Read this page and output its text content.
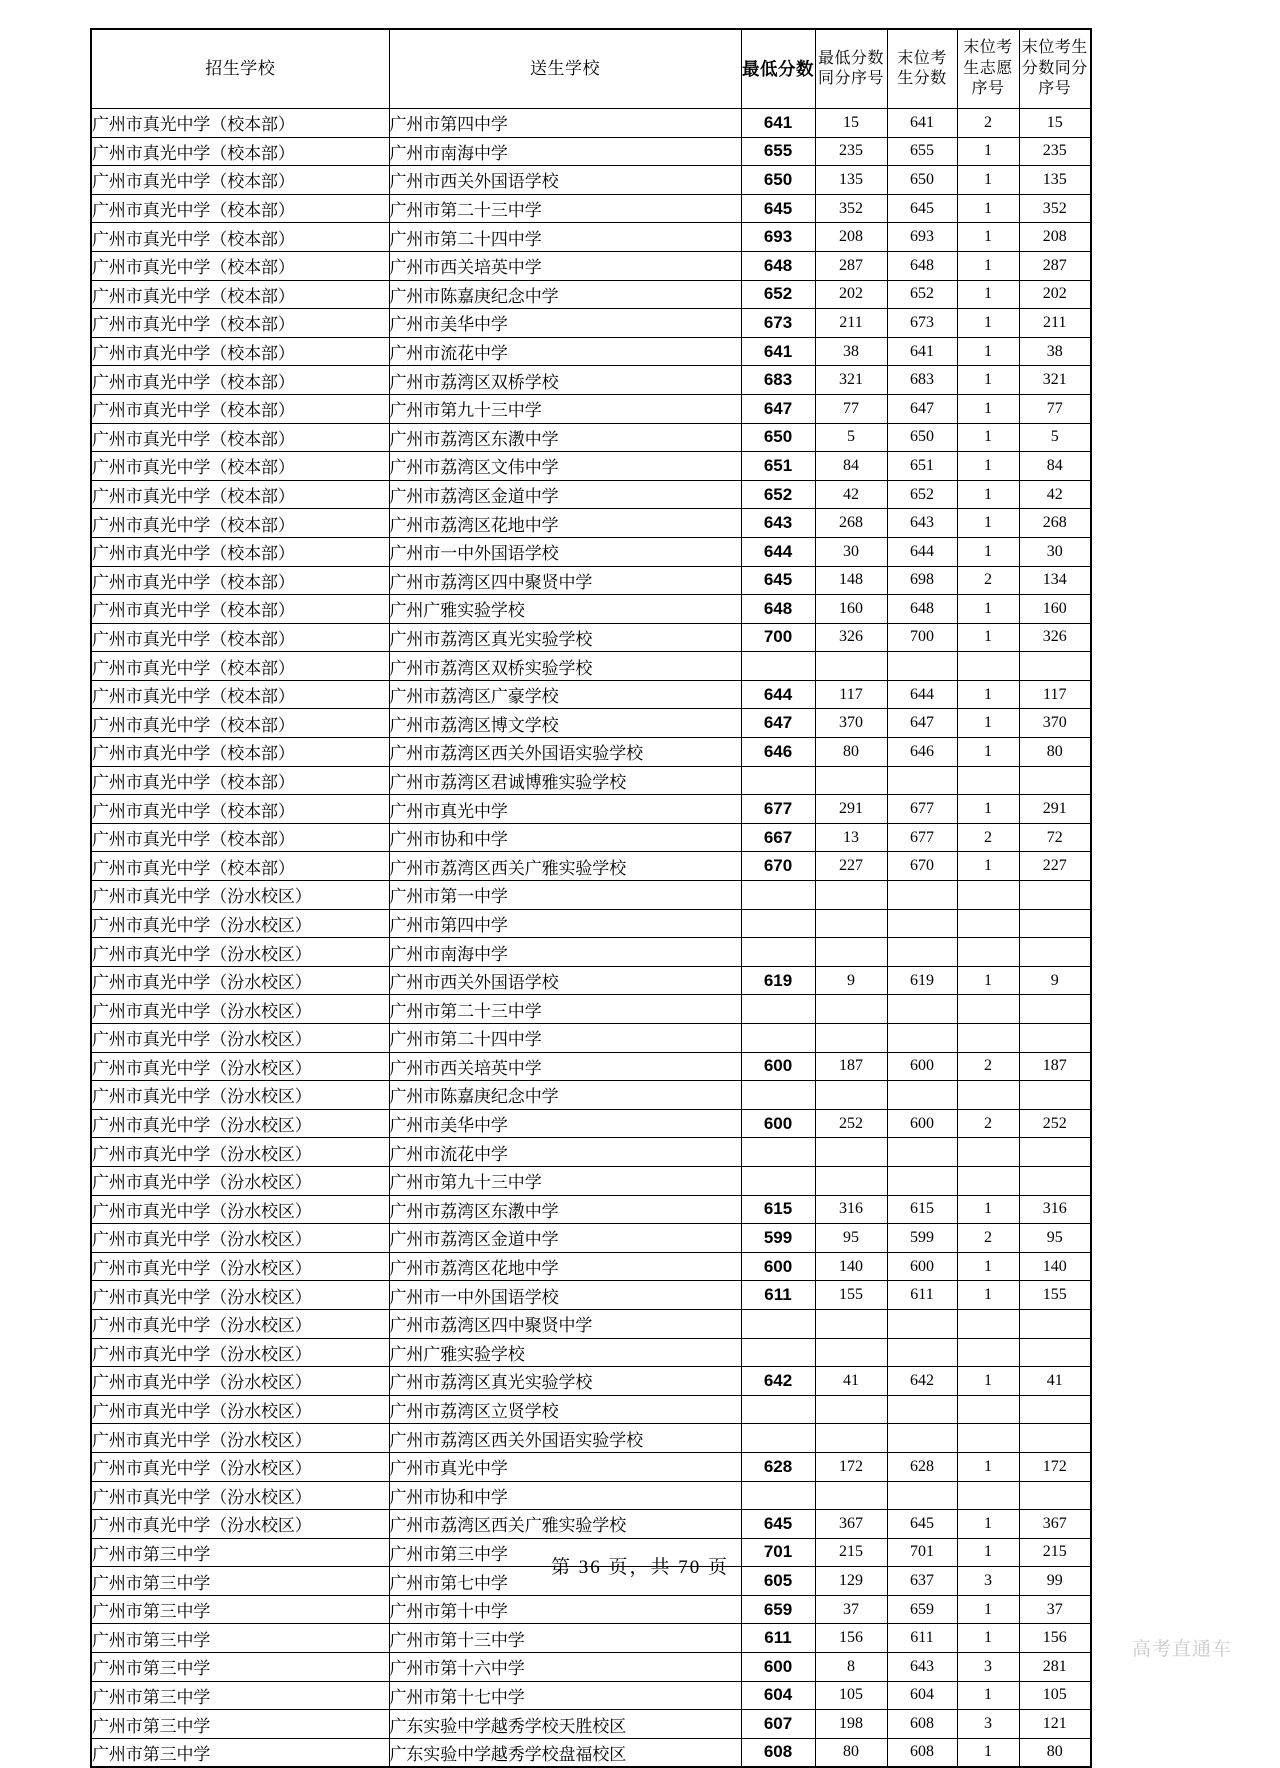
招生学校	送生学校	最低分数	最低分数同分序号	末位考生分数	末位考生志愿序号	末位考生分数同分序号
广州市真光中学（校本部）	广州市第四中学	641	15	641	2	15
广州市真光中学（校本部）	广州市南海中学	655	235	655	1	235
广州市真光中学（校本部）	广州市西关外国语学校	650	135	650	1	135
广州市真光中学（校本部）	广州市第二十三中学	645	352	645	1	352
广州市真光中学（校本部）	广州市第二十四中学	693	208	693	1	208
广州市真光中学（校本部）	广州市西关培英中学	648	287	648	1	287
广州市真光中学（校本部）	广州市陈嘉庚纪念中学	652	202	652	1	202
广州市真光中学（校本部）	广州市美华中学	673	211	673	1	211
广州市真光中学（校本部）	广州市流花中学	641	38	641	1	38
广州市真光中学（校本部）	广州市荔湾区双桥学校	683	321	683	1	321
广州市真光中学（校本部）	广州市第九十三中学	647	77	647	1	77
广州市真光中学（校本部）	广州市荔湾区东漖中学	650	5	650	1	5
广州市真光中学（校本部）	广州市荔湾区文伟中学	651	84	651	1	84
广州市真光中学（校本部）	广州市荔湾区金道中学	652	42	652	1	42
广州市真光中学（校本部）	广州市荔湾区花地中学	643	268	643	1	268
广州市真光中学（校本部）	广州市一中外国语学校	644	30	644	1	30
广州市真光中学（校本部）	广州市荔湾区四中聚贤中学	645	148	698	2	134
广州市真光中学（校本部）	广州广雅实验学校	648	160	648	1	160
广州市真光中学（校本部）	广州市荔湾区真光实验学校	700	326	700	1	326
广州市真光中学（校本部）	广州市荔湾区双桥实验学校					
广州市真光中学（校本部）	广州市荔湾区广豪学校	644	117	644	1	117
广州市真光中学（校本部）	广州市荔湾区博文学校	647	370	647	1	370
广州市真光中学（校本部）	广州市荔湾区西关外国语实验学校	646	80	646	1	80
广州市真光中学（校本部）	广州市荔湾区君诚博雅实验学校					
广州市真光中学（校本部）	广州市真光中学	677	291	677	1	291
广州市真光中学（校本部）	广州市协和中学	667	13	677	2	72
广州市真光中学（校本部）	广州市荔湾区西关广雅实验学校	670	227	670	1	227
广州市真光中学（汾水校区）	广州市第一中学					
广州市真光中学（汾水校区）	广州市第四中学					
广州市真光中学（汾水校区）	广州市南海中学					
广州市真光中学（汾水校区）	广州市西关外国语学校	619	9	619	1	9
广州市真光中学（汾水校区）	广州市第二十三中学					
广州市真光中学（汾水校区）	广州市第二十四中学					
广州市真光中学（汾水校区）	广州市西关培英中学	600	187	600	2	187
广州市真光中学（汾水校区）	广州市陈嘉庚纪念中学					
广州市真光中学（汾水校区）	广州市美华中学	600	252	600	2	252
广州市真光中学（汾水校区）	广州市流花中学					
广州市真光中学（汾水校区）	广州市第九十三中学					
广州市真光中学（汾水校区）	广州市荔湾区东漖中学	615	316	615	1	316
广州市真光中学（汾水校区）	广州市荔湾区金道中学	599	95	599	2	95
广州市真光中学（汾水校区）	广州市荔湾区花地中学	600	140	600	1	140
广州市真光中学（汾水校区）	广州市一中外国语学校	611	155	611	1	155
广州市真光中学（汾水校区）	广州市荔湾区四中聚贤中学					
广州市真光中学（汾水校区）	广州广雅实验学校					
广州市真光中学（汾水校区）	广州市荔湾区真光实验学校	642	41	642	1	41
广州市真光中学（汾水校区）	广州市荔湾区立贤学校					
广州市真光中学（汾水校区）	广州市荔湾区西关外国语实验学校					
广州市真光中学（汾水校区）	广州市真光中学	628	172	628	1	172
广州市真光中学（汾水校区）	广州市协和中学					
广州市真光中学（汾水校区）	广州市荔湾区西关广雅实验学校	645	367	645	1	367
广州市第三中学	广州市第三中学	701	215	701	1	215
广州市第三中学	广州市第七中学	605	129	637	3	99
广州市第三中学	广州市第十中学	659	37	659	1	37
广州市第三中学	广州市第十三中学	611	156	611	1	156
广州市第三中学	广州市第十六中学	600	8	643	3	281
广州市第三中学	广州市第十七中学	604	105	604	1	105
广州市第三中学	广东实验中学越秀学校天胜校区	607	198	608	3	121
广州市第三中学	广东实验中学越秀学校盘福校区	608	80	608	1	80
第 36 页，共 70 页
高考直通车
